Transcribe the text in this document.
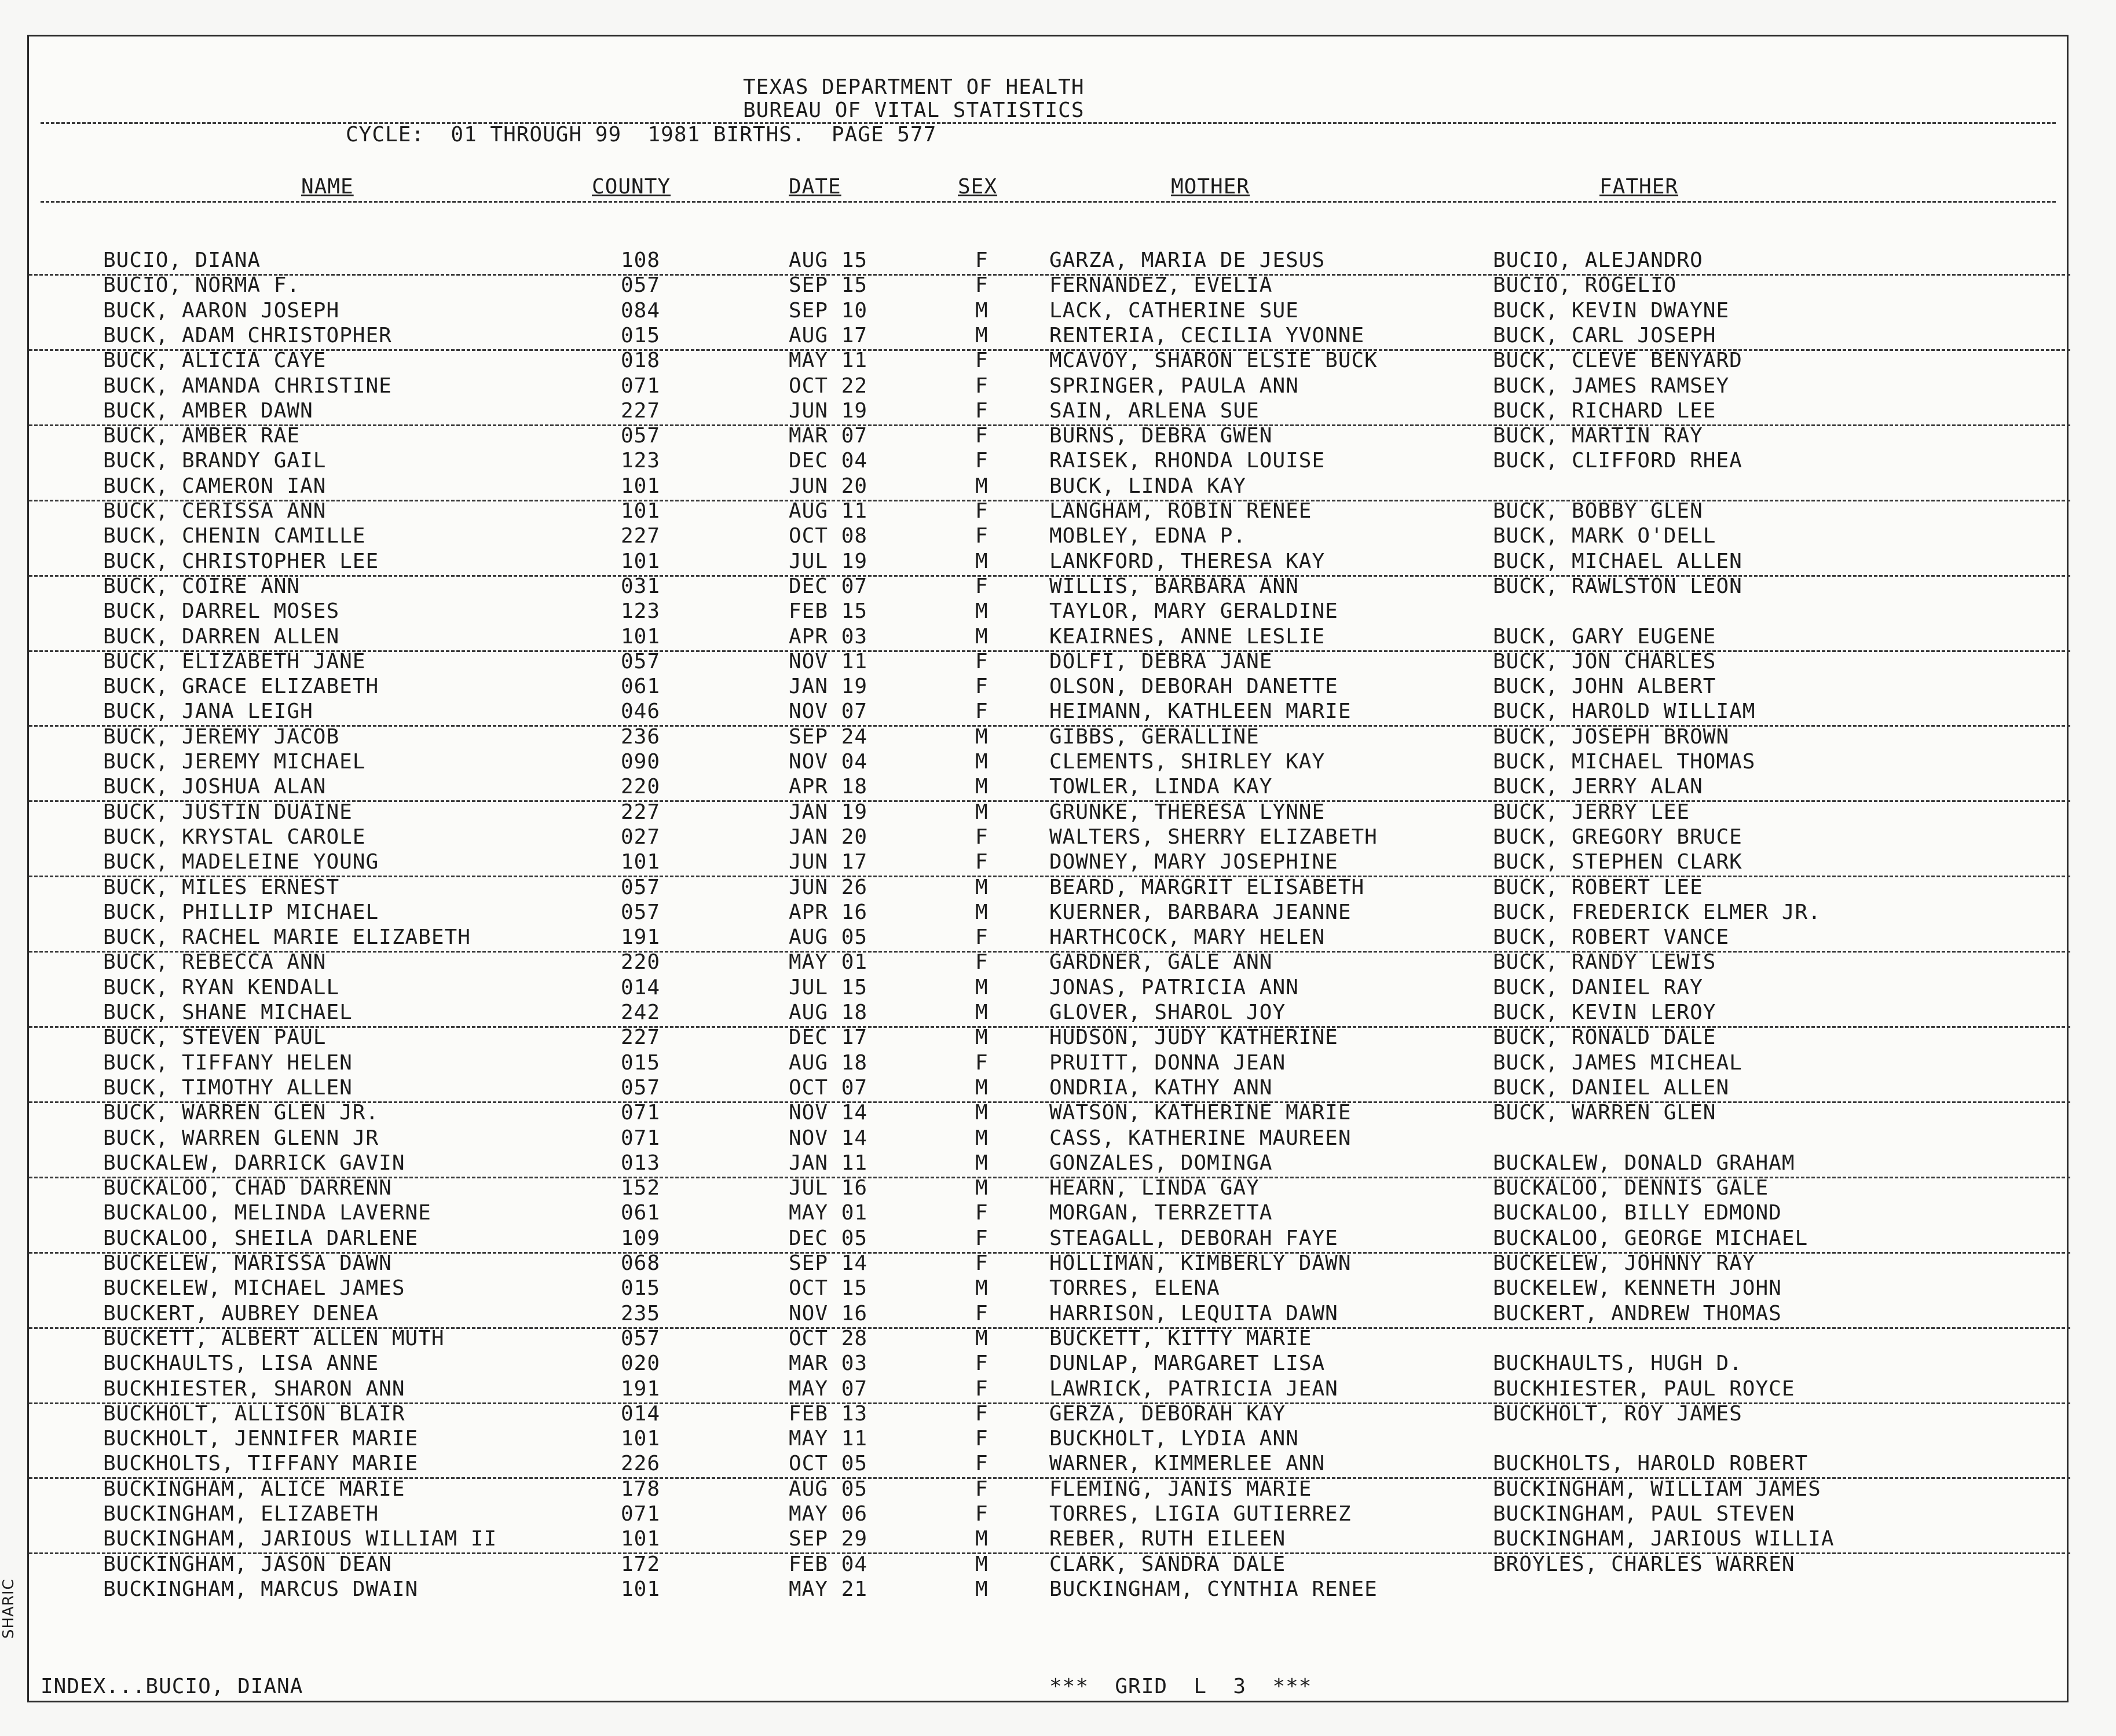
TEXAS DEPARTMENT OF HEALTH
BUREAU OF VITAL STATISTICS
CYCLE:  01 THROUGH 99  1981 BIRTHS.  PAGE 577
NAME	COUNTY	DATE	SEX	MOTHER	FATHER
BUCIO, DIANA	108	AUG 15	F	GARZA, MARIA DE JESUS	BUCIO, ALEJANDRO
BUCIO, NORMA F.	057	SEP 15	F	FERNANDEZ, EVELIA	BUCIO, ROGELIO
BUCK, AARON JOSEPH	084	SEP 10	M	LACK, CATHERINE SUE	BUCK, KEVIN DWAYNE
BUCK, ADAM CHRISTOPHER	015	AUG 17	M	RENTERIA, CECILIA YVONNE	BUCK, CARL JOSEPH
BUCK, ALICIA CAYE	018	MAY 11	F	MCAVOY, SHARON ELSIE BUCK	BUCK, CLEVE BENYARD
BUCK, AMANDA CHRISTINE	071	OCT 22	F	SPRINGER, PAULA ANN	BUCK, JAMES RAMSEY
BUCK, AMBER DAWN	227	JUN 19	F	SAIN, ARLENA SUE	BUCK, RICHARD LEE
BUCK, AMBER RAE	057	MAR 07	F	BURNS, DEBRA GWEN	BUCK, MARTIN RAY
BUCK, BRANDY GAIL	123	DEC 04	F	RAISEK, RHONDA LOUISE	BUCK, CLIFFORD RHEA
BUCK, CAMERON IAN	101	JUN 20	M	BUCK, LINDA KAY
BUCK, CERISSA ANN	101	AUG 11	F	LANGHAM, ROBIN RENEE	BUCK, BOBBY GLEN
BUCK, CHENIN CAMILLE	227	OCT 08	F	MOBLEY, EDNA P.	BUCK, MARK O'DELL
BUCK, CHRISTOPHER LEE	101	JUL 19	M	LANKFORD, THERESA KAY	BUCK, MICHAEL ALLEN
BUCK, COIRE ANN	031	DEC 07	F	WILLIS, BARBARA ANN	BUCK, RAWLSTON LEON
BUCK, DARREL MOSES	123	FEB 15	M	TAYLOR, MARY GERALDINE
BUCK, DARREN ALLEN	101	APR 03	M	KEAIRNES, ANNE LESLIE	BUCK, GARY EUGENE
BUCK, ELIZABETH JANE	057	NOV 11	F	DOLFI, DEBRA JANE	BUCK, JON CHARLES
BUCK, GRACE ELIZABETH	061	JAN 19	F	OLSON, DEBORAH DANETTE	BUCK, JOHN ALBERT
BUCK, JANA LEIGH	046	NOV 07	F	HEIMANN, KATHLEEN MARIE	BUCK, HAROLD WILLIAM
BUCK, JEREMY JACOB	236	SEP 24	M	GIBBS, GERALLINE	BUCK, JOSEPH BROWN
BUCK, JEREMY MICHAEL	090	NOV 04	M	CLEMENTS, SHIRLEY KAY	BUCK, MICHAEL THOMAS
BUCK, JOSHUA ALAN	220	APR 18	M	TOWLER, LINDA KAY	BUCK, JERRY ALAN
BUCK, JUSTIN DUAINE	227	JAN 19	M	GRUNKE, THERESA LYNNE	BUCK, JERRY LEE
BUCK, KRYSTAL CAROLE	027	JAN 20	F	WALTERS, SHERRY ELIZABETH	BUCK, GREGORY BRUCE
BUCK, MADELEINE YOUNG	101	JUN 17	F	DOWNEY, MARY JOSEPHINE	BUCK, STEPHEN CLARK
BUCK, MILES ERNEST	057	JUN 26	M	BEARD, MARGRIT ELISABETH	BUCK, ROBERT LEE
BUCK, PHILLIP MICHAEL	057	APR 16	M	KUERNER, BARBARA JEANNE	BUCK, FREDERICK ELMER JR.
BUCK, RACHEL MARIE ELIZABETH	191	AUG 05	F	HARTHCOCK, MARY HELEN	BUCK, ROBERT VANCE
BUCK, REBECCA ANN	220	MAY 01	F	GARDNER, GALE ANN	BUCK, RANDY LEWIS
BUCK, RYAN KENDALL	014	JUL 15	M	JONAS, PATRICIA ANN	BUCK, DANIEL RAY
BUCK, SHANE MICHAEL	242	AUG 18	M	GLOVER, SHAROL JOY	BUCK, KEVIN LEROY
BUCK, STEVEN PAUL	227	DEC 17	M	HUDSON, JUDY KATHERINE	BUCK, RONALD DALE
BUCK, TIFFANY HELEN	015	AUG 18	F	PRUITT, DONNA JEAN	BUCK, JAMES MICHEAL
BUCK, TIMOTHY ALLEN	057	OCT 07	M	ONDRIA, KATHY ANN	BUCK, DANIEL ALLEN
BUCK, WARREN GLEN JR.	071	NOV 14	M	WATSON, KATHERINE MARIE	BUCK, WARREN GLEN
BUCK, WARREN GLENN JR	071	NOV 14	M	CASS, KATHERINE MAUREEN
BUCKALEW, DARRICK GAVIN	013	JAN 11	M	GONZALES, DOMINGA	BUCKALEW, DONALD GRAHAM
BUCKALOO, CHAD DARRENN	152	JUL 16	M	HEARN, LINDA GAY	BUCKALOO, DENNIS GALE
BUCKALOO, MELINDA LAVERNE	061	MAY 01	F	MORGAN, TERRZETTA	BUCKALOO, BILLY EDMOND
BUCKALOO, SHEILA DARLENE	109	DEC 05	F	STEAGALL, DEBORAH FAYE	BUCKALOO, GEORGE MICHAEL
BUCKELEW, MARISSA DAWN	068	SEP 14	F	HOLLIMAN, KIMBERLY DAWN	BUCKELEW, JOHNNY RAY
BUCKELEW, MICHAEL JAMES	015	OCT 15	M	TORRES, ELENA	BUCKELEW, KENNETH JOHN
BUCKERT, AUBREY DENEA	235	NOV 16	F	HARRISON, LEQUITA DAWN	BUCKERT, ANDREW THOMAS
BUCKETT, ALBERT ALLEN MUTH	057	OCT 28	M	BUCKETT, KITTY MARIE
BUCKHAULTS, LISA ANNE	020	MAR 03	F	DUNLAP, MARGARET LISA	BUCKHAULTS, HUGH D.
BUCKHIESTER, SHARON ANN	191	MAY 07	F	LAWRICK, PATRICIA JEAN	BUCKHIESTER, PAUL ROYCE
BUCKHOLT, ALLISON BLAIR	014	FEB 13	F	GERZA, DEBORAH KAY	BUCKHOLT, ROY JAMES
BUCKHOLT, JENNIFER MARIE	101	MAY 11	F	BUCKHOLT, LYDIA ANN
BUCKHOLTS, TIFFANY MARIE	226	OCT 05	F	WARNER, KIMMERLEE ANN	BUCKHOLTS, HAROLD ROBERT
BUCKINGHAM, ALICE MARIE	178	AUG 05	F	FLEMING, JANIS MARIE	BUCKINGHAM, WILLIAM JAMES
BUCKINGHAM, ELIZABETH	071	MAY 06	F	TORRES, LIGIA GUTIERREZ	BUCKINGHAM, PAUL STEVEN
BUCKINGHAM, JARIOUS WILLIAM II	101	SEP 29	M	REBER, RUTH EILEEN	BUCKINGHAM, JARIOUS WILLIA
BUCKINGHAM, JASON DEAN	172	FEB 04	M	CLARK, SANDRA DALE	BROYLES, CHARLES WARREN
BUCKINGHAM, MARCUS DWAIN	101	MAY 21	M	BUCKINGHAM, CYNTHIA RENEE
INDEX...BUCIO, DIANA	***  GRID  L  3  ***
SHARIC
